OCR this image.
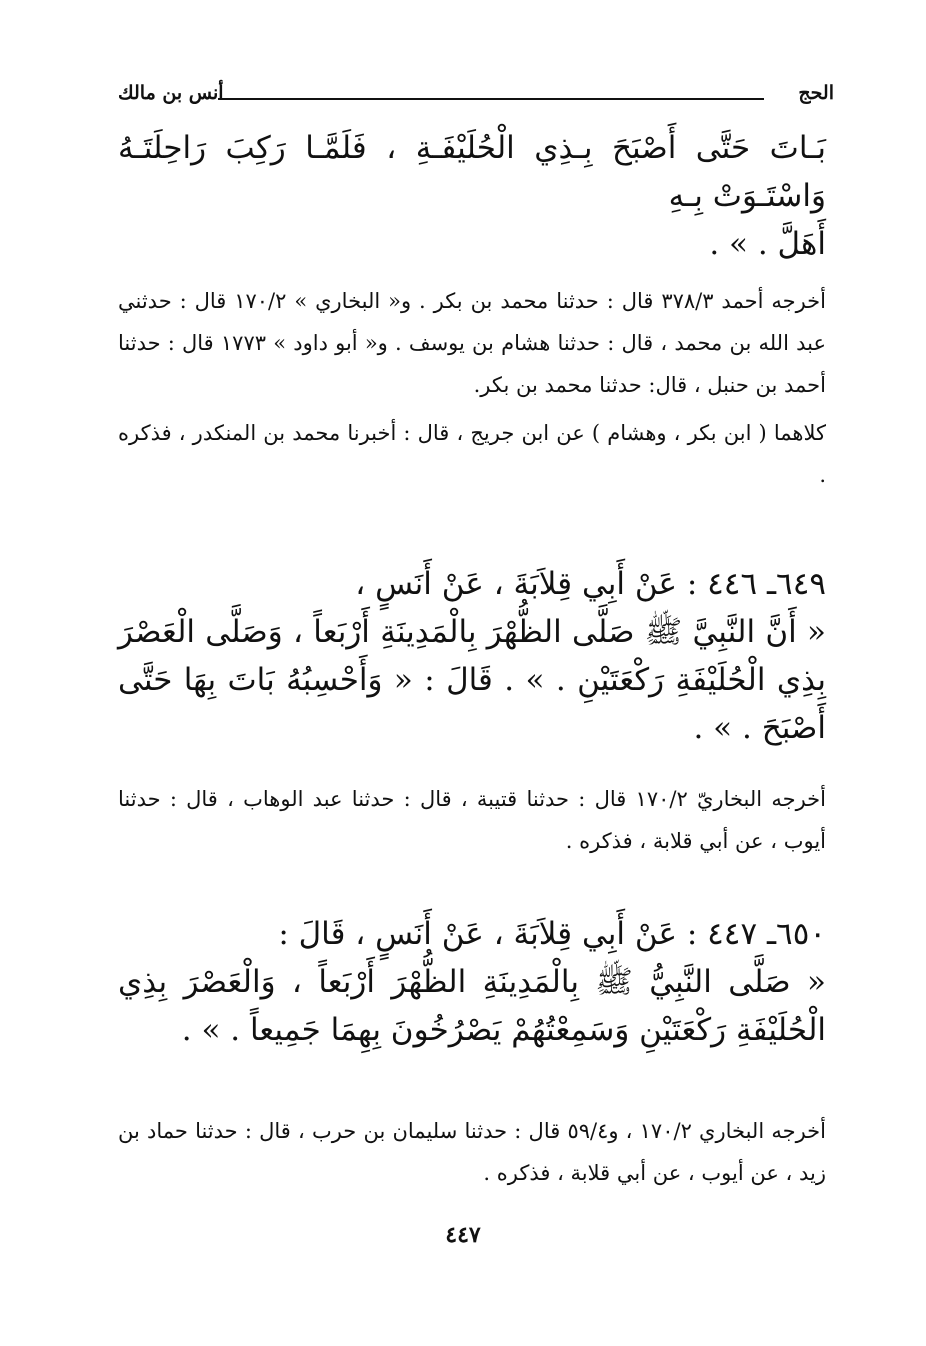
الحج
أنس بن مالك
بَـاتَ حَتَّى أَصْبَحَ بِـذِي الْحُلَيْفَـةِ ، فَلَمَّـا رَكِبَ رَاحِلَتَـهُ وَاسْتَـوَتْ بِـهِ
أَهَلَّ . » .
أخرجه أحمد ٣٧٨/٣ قال : حدثنا محمد بن بكر . و« البخاري » ١٧٠/٢ قال : حدثني عبد الله بن محمد ، قال : حدثنا هشام بن يوسف . و« أبو داود » ١٧٧٣ قال : حدثنا أحمد بن حنبل ، قال: حدثنا محمد بن بكر.
كلاهما ( ابن بكر ، وهشام ) عن ابن جريج ، قال : أخبرنا محمد بن المنكدر ، فذكره .
٦٤٩ـ ٤٤٦ : عَنْ أَبِي قِلاَبَةَ ، عَنْ أَنَسٍ ،
« أَنَّ النَّبِيَّ ﷺ صَلَّى الظُّهْرَ بِالْمَدِينَةِ أَرْبَعاً ، وَصَلَّى الْعَصْرَ بِذِي الْحُلَيْفَةِ رَكْعَتَيْنِ . » . قَالَ : « وَأَحْسِبُهُ بَاتَ بِهَا حَتَّى أَصْبَحَ . » .
أخرجه البخاريّ ١٧٠/٢ قال : حدثنا قتيبة ، قال : حدثنا عبد الوهاب ، قال : حدثنا أيوب ، عن أبي قلابة ، فذكره .
٦٥٠ـ ٤٤٧ : عَنْ أَبِي قِلاَبَةَ ، عَنْ أَنَسٍ ، قَالَ :
« صَلَّى النَّبِيُّ ﷺ بِالْمَدِينَةِ الظُّهْرَ أَرْبَعاً ، وَالْعَصْرَ بِذِي الْحُلَيْفَةِ رَكْعَتَيْنِ وَسَمِعْتُهُمْ يَصْرُخُونَ بِهِمَا جَمِيعاً . » .
أخرجه البخاري ١٧٠/٢ ، و٥٩/٤ قال : حدثنا سليمان بن حرب ، قال : حدثنا حماد بن زيد ، عن أيوب ، عن أبي قلابة ، فذكره .
٤٤٧
